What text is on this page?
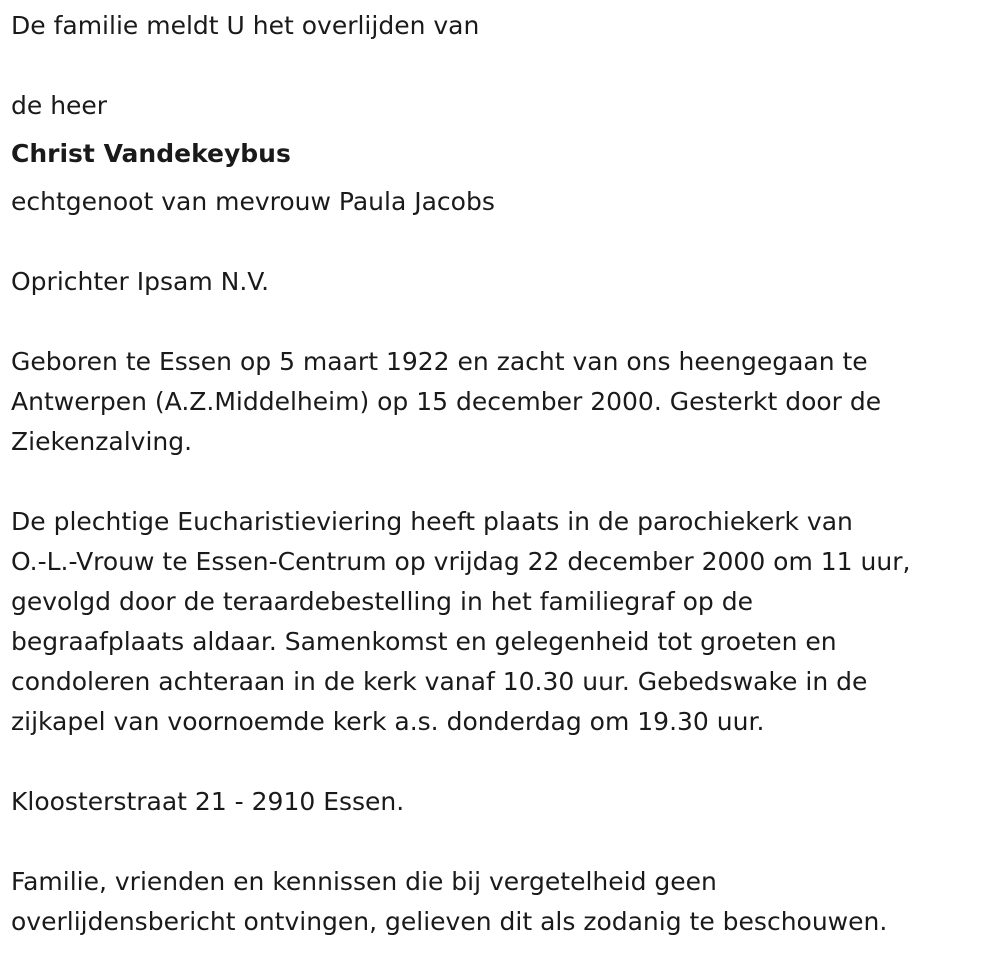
De familie meldt U het overlijden van

de heer

Christ Vandekeybus

echtgenoot van mevrouw Paula Jacobs

Oprichter Ipsam N.V.

Geboren te Essen op 5 maart 1922 en zacht van ons heengegaan te
Antwerpen (A.Z.Middelheim) op 15 december 2000. Gesterkt door de
Ziekenzalving.
De plechtige Eucharistieviering heeft plaats in de parochiekerk van
O.-L.-Vrouw te Essen-Centrum op vrijdag 22 december 2000 om 11 uur,
gevolgd door de teraardebestelling in het familiegraf op de
begraafplaats aldaar. Samenkomst en gelegenheid tot groeten en
condoleren achteraan in de kerk vanaf 10.30 uur. Gebedswake in de
zijkapel van voornoemde kerk a.s. donderdag om 19.30 uur.

Kloosterstraat 21 - 2910 Essen.

Familie, vrienden en kennissen die bij vergetelheid geen
overlijdensbericht ontvingen, gelieven dit als zodanig te beschouwen.
